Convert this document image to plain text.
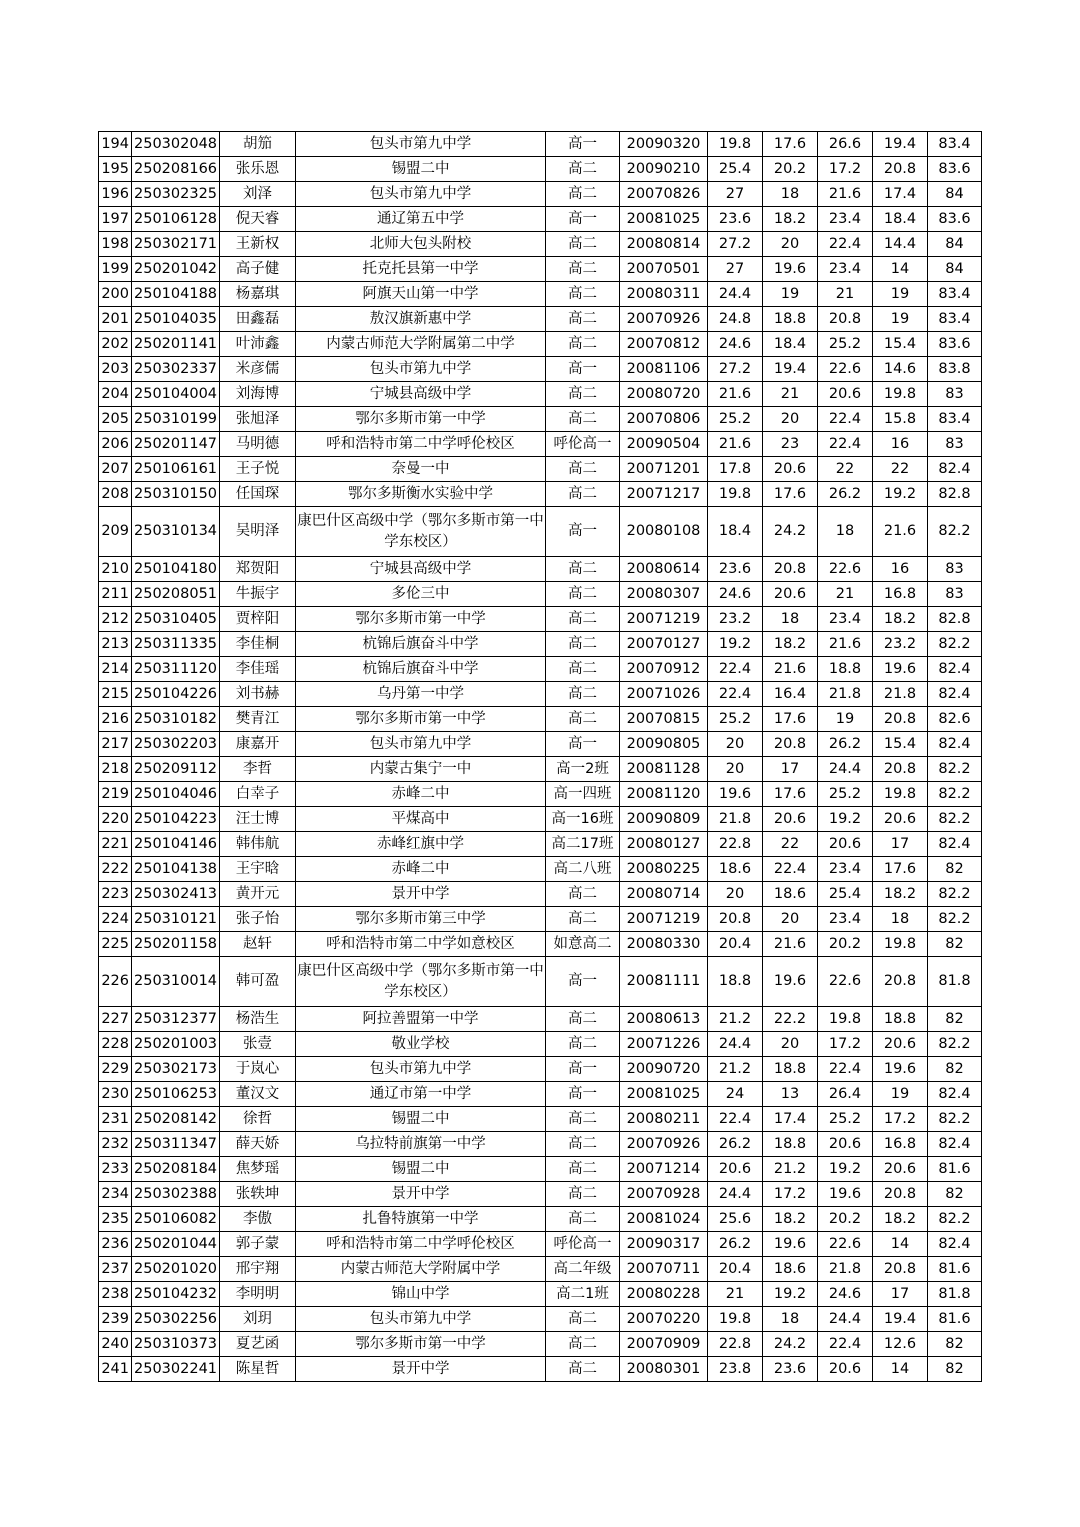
194	250302048	胡笳	包头市第九中学	高一	20090320	19.8	17.6	26.6	19.4	83.4
195	250208166	张乐恩	锡盟二中	高二	20090210	25.4	20.2	17.2	20.8	83.6
196	250302325	刘泽	包头市第九中学	高二	20070826	27	18	21.6	17.4	84
197	250106128	倪天睿	通辽第五中学	高一	20081025	23.6	18.2	23.4	18.4	83.6
198	250302171	王新权	北师大包头附校	高二	20080814	27.2	20	22.4	14.4	84
199	250201042	高子健	托克托县第一中学	高二	20070501	27	19.6	23.4	14	84
200	250104188	杨嘉琪	阿旗天山第一中学	高二	20080311	24.4	19	21	19	83.4
201	250104035	田鑫磊	敖汉旗新惠中学	高二	20070926	24.8	18.8	20.8	19	83.4
202	250201141	叶沛鑫	内蒙古师范大学附属第二中学	高二	20070812	24.6	18.4	25.2	15.4	83.6
203	250302337	米彦儒	包头市第九中学	高一	20081106	27.2	19.4	22.6	14.6	83.8
204	250104004	刘海博	宁城县高级中学	高二	20080720	21.6	21	20.6	19.8	83
205	250310199	张旭泽	鄂尔多斯市第一中学	高二	20070806	25.2	20	22.4	15.8	83.4
206	250201147	马明德	呼和浩特市第二中学呼伦校区	呼伦高一	20090504	21.6	23	22.4	16	83
207	250106161	王子悦	奈曼一中	高二	20071201	17.8	20.6	22	22	82.4
208	250310150	任国琛	鄂尔多斯衡水实验中学	高二	20071217	19.8	17.6	26.2	19.2	82.8
209	250310134	吴明泽	康巴什区高级中学（鄂尔多斯市第一中学东校区）	高一	20080108	18.4	24.2	18	21.6	82.2
210	250104180	郑贺阳	宁城县高级中学	高二	20080614	23.6	20.8	22.6	16	83
211	250208051	牛振宇	多伦三中	高二	20080307	24.6	20.6	21	16.8	83
212	250310405	贾梓阳	鄂尔多斯市第一中学	高二	20071219	23.2	18	23.4	18.2	82.8
213	250311335	李佳桐	杭锦后旗奋斗中学	高二	20070127	19.2	18.2	21.6	23.2	82.2
214	250311120	李佳瑶	杭锦后旗奋斗中学	高二	20070912	22.4	21.6	18.8	19.6	82.4
215	250104226	刘书赫	乌丹第一中学	高二	20071026	22.4	16.4	21.8	21.8	82.4
216	250310182	樊青江	鄂尔多斯市第一中学	高二	20070815	25.2	17.6	19	20.8	82.6
217	250302203	康嘉开	包头市第九中学	高一	20090805	20	20.8	26.2	15.4	82.4
218	250209112	李哲	内蒙古集宁一中	高一2班	20081128	20	17	24.4	20.8	82.2
219	250104046	白幸子	赤峰二中	高一四班	20081120	19.6	17.6	25.2	19.8	82.2
220	250104223	汪士博	平煤高中	高一16班	20090809	21.8	20.6	19.2	20.6	82.2
221	250104146	韩伟航	赤峰红旗中学	高二17班	20080127	22.8	22	20.6	17	82.4
222	250104138	王宇晗	赤峰二中	高二八班	20080225	18.6	22.4	23.4	17.6	82
223	250302413	黄开元	景开中学	高二	20080714	20	18.6	25.4	18.2	82.2
224	250310121	张子怡	鄂尔多斯市第三中学	高二	20071219	20.8	20	23.4	18	82.2
225	250201158	赵轩	呼和浩特市第二中学如意校区	如意高二	20080330	20.4	21.6	20.2	19.8	82
226	250310014	韩可盈	康巴什区高级中学（鄂尔多斯市第一中学东校区）	高一	20081111	18.8	19.6	22.6	20.8	81.8
227	250312377	杨浩生	阿拉善盟第一中学	高二	20080613	21.2	22.2	19.8	18.8	82
228	250201003	张壹	敬业学校	高二	20071226	24.4	20	17.2	20.6	82.2
229	250302173	于岚心	包头市第九中学	高一	20090720	21.2	18.8	22.4	19.6	82
230	250106253	董汉文	通辽市第一中学	高一	20081025	24	13	26.4	19	82.4
231	250208142	徐哲	锡盟二中	高二	20080211	22.4	17.4	25.2	17.2	82.2
232	250311347	薛天娇	乌拉特前旗第一中学	高二	20070926	26.2	18.8	20.6	16.8	82.4
233	250208184	焦梦瑶	锡盟二中	高二	20071214	20.6	21.2	19.2	20.6	81.6
234	250302388	张轶坤	景开中学	高二	20070928	24.4	17.2	19.6	20.8	82
235	250106082	李傲	扎鲁特旗第一中学	高二	20081024	25.6	18.2	20.2	18.2	82.2
236	250201044	郭子蒙	呼和浩特市第二中学呼伦校区	呼伦高一	20090317	26.2	19.6	22.6	14	82.4
237	250201020	邢宇翔	内蒙古师范大学附属中学	高二年级	20070711	20.4	18.6	21.8	20.8	81.6
238	250104232	李明明	锦山中学	高二1班	20080228	21	19.2	24.6	17	81.8
239	250302256	刘玥	包头市第九中学	高二	20070220	19.8	18	24.4	19.4	81.6
240	250310373	夏艺函	鄂尔多斯市第一中学	高二	20070909	22.8	24.2	22.4	12.6	82
241	250302241	陈星哲	景开中学	高二	20080301	23.8	23.6	20.6	14	82
